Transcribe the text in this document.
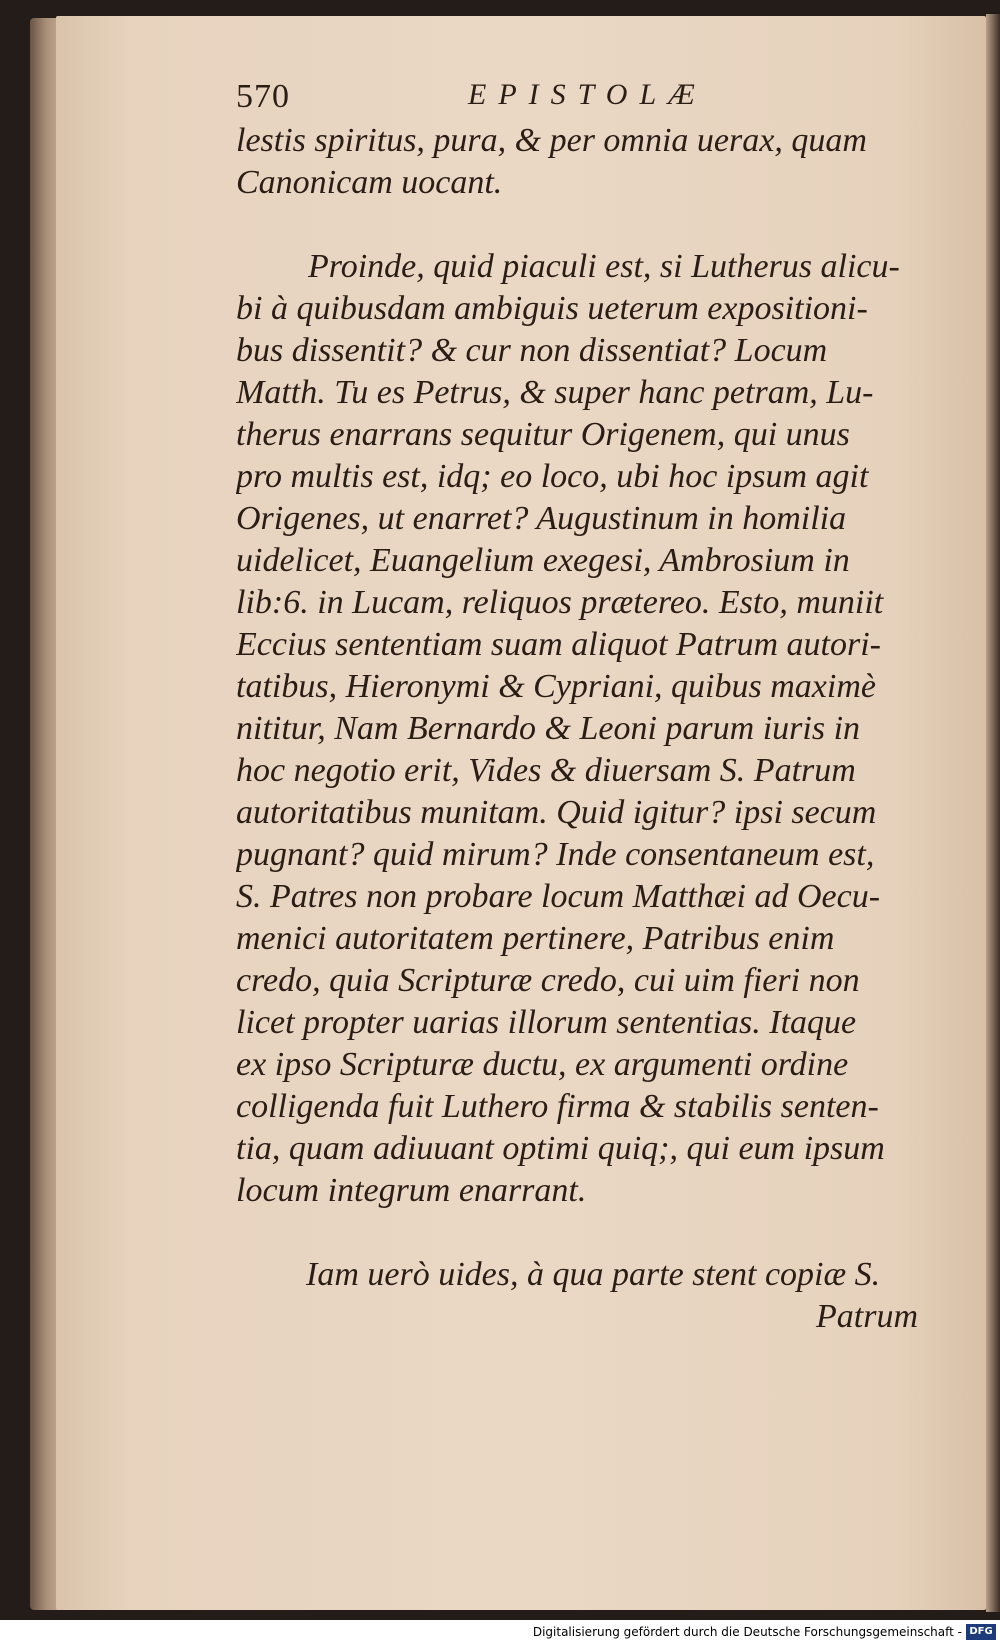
570	EPISTOLÆ
lestis spiritus, pura, & per omnia uerax, quam
Canonicam uocant.
Proinde, quid piaculi est, si Lutherus alicu-
bi à quibusdam ambiguis ueterum expositioni-
bus dissentit? & cur non dissentiat? Locum
Matth. Tu es Petrus, & super hanc petram, Lu-
therus enarrans sequitur Origenem, qui unus
pro multis est, idq; eo loco, ubi hoc ipsum agit
Origenes, ut enarret? Augustinum in homilia
uidelicet, Euangelium exegesi, Ambrosium in
lib:6. in Lucam, reliquos prætereo. Esto, muniit
Eccius sententiam suam aliquot Patrum autori-
tatibus, Hieronymi & Cypriani, quibus maximè
nititur, Nam Bernardo & Leoni parum iuris in
hoc negotio erit, Vides & diuersam S. Patrum
autoritatibus munitam. Quid igitur? ipsi secum
pugnant? quid mirum? Inde consentaneum est,
S. Patres non probare locum Matthæi ad Oecu-
menici autoritatem pertinere, Patribus enim
credo, quia Scripturæ credo, cui uim fieri non
licet propter uarias illorum sententias. Itaque
ex ipso Scripturæ ductu, ex argumenti ordine
colligenda fuit Luthero firma & stabilis senten-
tia, quam adiuuant optimi quiq;, qui eum ipsum
locum integrum enarrant.
Iam uerò uides, à qua parte stent copiæ S.
Patrum
Digitalisierung gefördert durch die Deutsche Forschungsgemeinschaft - DFG
